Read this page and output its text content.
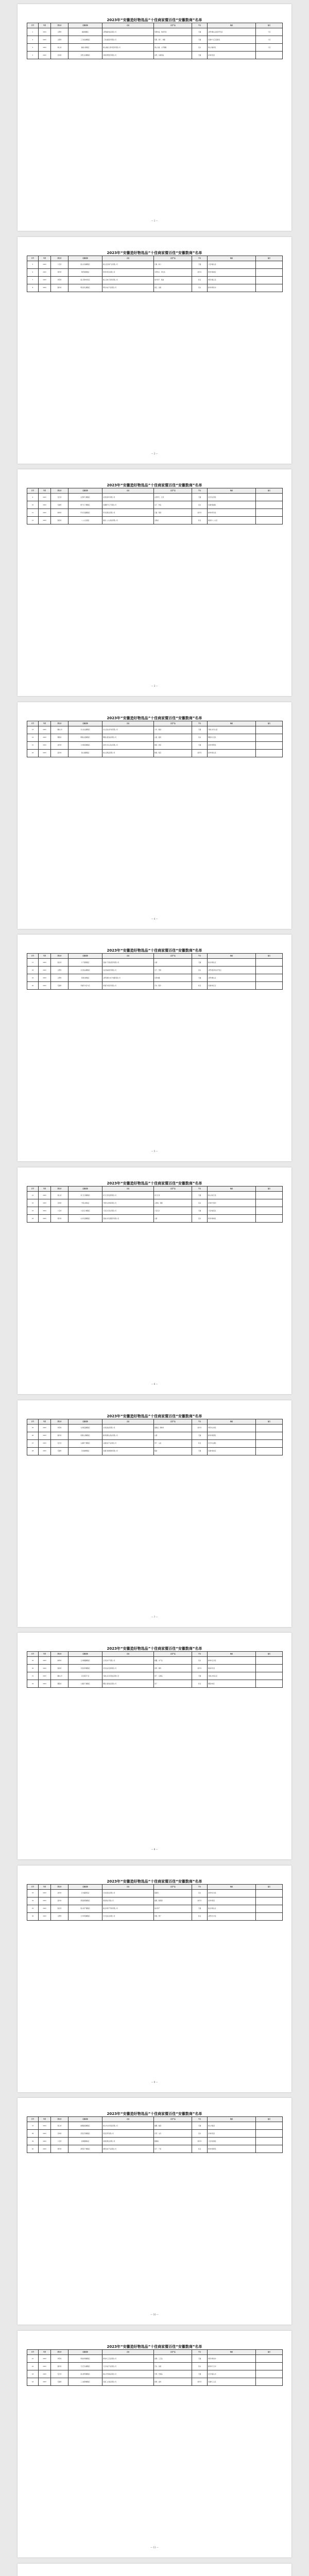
2023年“安徽造好物选品”十佳商家暨百佳“安徽数商”名单
序号	年份	所在市	店铺名称	企业	主营产品	平台	地址	备注
1	2023	合肥市	徽韵旗舰店	合肥徽韵食品有限公司	坚果炒货、休闲零食	天猫	合肥市蜀山区经济开发区	十佳
2	2023	合肥市	三只松鼠旗舰店	三只松鼠股份有限公司	坚果、果干、肉脯	天猫	芜湖市弋江区高新区	十佳
3	2023	黄山市	谢裕大旗舰店	黄山谢裕大茶叶股份有限公司	黄山毛峰、太平猴魁	京东	黄山市徽州区	十佳
4	2023	宣城市	宣纸文房旗舰店	中国宣纸股份有限公司	宣纸、书画用品	天猫	宣城市泾县	
— 1 —
2023年“安徽造好物选品”十佳商家暨百佳“安徽数商”名单
序号	年份	所在市	店铺名称	企业	主营产品	平台	地址	备注
5	2023	六安市	霍山石斛旗舰店	霍山县石斛产业有限公司	石斛、枫斗	天猫	六安市霍山县	
6	2023	亳州市	亳药堂旗舰店	亳州市药业有限公司	中药饮片、养生茶	拼多多	亳州市谯城区	
7	2023	阜阳市	颍上管仲老街店	颍上县电子商务有限公司	地方特产、粮油	抖音	阜阳市颍上县	
8	2023	滁州市	明光绿豆旗舰店	明光市农产品有限公司	绿豆、杂粮	京东	滁州市明光市	
— 2 —
2023年“安徽造好物选品”十佳商家暨百佳“安徽数商”名单
序号	年份	所在市	店铺名称	企业	主营产品	平台	地址	备注
9	2023	安庆市	岳西翠兰旗舰店	岳西县茶叶有限公司	岳西翠兰、红茶	天猫	安庆市岳西县	
10	2023	芜湖市	傻子瓜子旗舰店	芜湖傻子瓜子有限公司	瓜子、炒货	京东	芜湖市镜湖区	
11	2023	蚌埠市	怀远石榴旗舰店	怀远县果业有限公司	石榴、果酒	拼多多	蚌埠市怀远县	
12	2023	淮南市	八公山豆腐店	淮南八公山食品有限公司	豆制品	抖音	淮南市八公山区	
— 3 —
2023年“安徽造好物选品”十佳商家暨百佳“安徽数商”名单
序号	年份	所在市	店铺名称	企业	主营产品	平台	地址	备注
13	2023	马鞍山市	含山农品旗舰店	含山县农业科技有限公司	大米、粮油	天猫	马鞍山市含山县	
14	2023	铜陵市	铜陵白姜旗舰店	铜陵白姜食品有限公司	白姜、酱菜	京东	铜陵市义安区	
15	2023	池州市	九华佛茶旗舰店	池州九华山茶业有限公司	佛茶、绿茶	天猫	池州市青阳县	
16	2023	宿州市	砀山梨旗舰店	砀山县果品有限公司	酥梨、梨膏	拼多多	宿州市砀山县	
— 4 —
2023年“安徽造好物选品”十佳商家暨百佳“安徽数商”名单
序号	年份	所在市	店铺名称	企业	主营产品	平台	地址	备注
17	2023	淮北市	口子窖旗舰店	安徽口子酒业股份有限公司	白酒	天猫	淮北市相山区	
18	2023	合肥市	洽洽食品旗舰店	洽洽食品股份有限公司	瓜子、坚果	京东	合肥市经济技术开发区	
19	2023	合肥市	荣事达旗舰店	合肥荣事达电子电器有限公司	家用电器	天猫	合肥市蜀山区	
20	2023	芜湖市	奇瑞汽车官方店	奇瑞汽车股份有限公司	汽车、配件	抖音	芜湖市鸠江区	
— 5 —
2023年“安徽造好物选品”十佳商家暨百佳“安徽数商”名单
序号	年份	所在市	店铺名称	企业	主营产品	平台	地址	备注
21	2023	黄山市	祁门红茶旗舰店	祁门红茶发展有限公司	祁门红茶	天猫	黄山市祁门县	
22	2023	宣城市	宁国山核桃店	宁国市山核桃有限公司	山核桃、香榧	京东	宣城市宁国市	
23	2023	六安市	六安瓜片旗舰店	六安瓜片茶业有限公司	六安瓜片	天猫	六安市裕安区	
24	2023	亳州市	古井贡酒旗舰店	安徽古井贡酒股份有限公司	白酒	京东	亳州市谯城区	
— 6 —
2023年“安徽造好物选品”十佳商家暨百佳“安徽数商”名单
序号	年份	所在市	店铺名称	企业	主营产品	平台	地址	备注
25	2023	阜阳市	太和板面旗舰店	太和县食品有限公司	面制品、调味料	拼多多	阜阳市太和县	
26	2023	滁州市	琅琊山酒旗舰店	滁州琅琊山酒业有限公司	白酒	天猫	滁州市琅琊区	
27	2023	安庆市	太湖笋干旗舰店	太湖县农产品有限公司	笋干、山货	抖音	安庆市太湖县	
28	2023	芜湖市	红杨树旗舰店	芜湖红杨树服饰有限公司	服装	天猫	芜湖市湾沚区	
— 7 —
2023年“安徽造好物选品”十佳商家暨百佳“安徽数商”名单
序号	年份	所在市	店铺名称	企业	主营产品	平台	地址	备注
29	2023	蚌埠市	五河螃蟹旗舰店	五河县水产有限公司	螃蟹、水产品	京东	蚌埠市五河县	
30	2023	淮南市	寿县香草旗舰店	寿县农业发展有限公司	香草、调料	拼多多	淮南市寿县	
31	2023	马鞍山市	采石矶茶干店	马鞍山采石矶食品有限公司	茶干、豆制品	天猫	马鞍山市雨山区	
32	2023	铜陵市	大通茶干旗舰店	铜陵大通食品有限公司	茶干	抖音	铜陵市郊区	
— 8 —
2023年“安徽造好物选品”十佳商家暨百佳“安徽数商”名单
序号	年份	所在市	店铺名称	企业	主营产品	平台	地址	备注
33	2023	池州市	石台富硒茶店	石台县茶业有限公司	富硒茶	京东	池州市石台县	
34	2023	宿州市	萧县葡萄旗舰店	萧县果业有限公司	葡萄、葡萄酒	拼多多	宿州市萧县	
35	2023	淮北市	相山特产旗舰店	淮北市特产贸易有限公司	地方特产	天猫	淮北市相山区	
36	2023	合肥市	长丰草莓旗舰店	长丰县农业有限公司	草莓、果干	抖音	合肥市长丰县	
— 9 —
2023年“安徽造好物选品”十佳商家暨百佳“安徽数商”名单
序号	年份	所在市	店铺名称	企业	主营产品	平台	地址	备注
37	2023	黄山市	徽墨歙砚旗舰店	黄山市文房用品有限公司	徽墨、歙砚	天猫	黄山市歙县	
38	2023	宣城市	泾县宣笔旗舰店	泾县宣笔有限公司	宣笔、文房	京东	宣城市泾县	
39	2023	六安市	金寨猕猴桃店	金寨县果业有限公司	猕猴桃	拼多多	六安市金寨县	
40	2023	亳州市	涡阳苔干旗舰店	涡阳县农产品有限公司	苔干、干菜	抖音	亳州市涡阳县	
— 10 —
2023年“安徽造好物选品”十佳商家暨百佳“安徽数商”名单
序号	年份	所在市	店铺名称	企业	主营产品	平台	地址	备注
41	2023	阜阳市	界首彩陶旗舰店	界首市工艺品有限公司	彩陶、工艺品	天猫	阜阳市界首市	
42	2023	滁州市	天长芡实旗舰店	天长市农产品有限公司	芡实、杂粮	京东	滁州市天长市	
43	2023	安庆市	潜山舒席旗舰店	潜山市竹制品有限公司	竹席、竹制品	天猫	安庆市潜山市	
44	2023	芜湖市	三山板鸭旗舰店	芜湖三山食品有限公司	板鸭、卤味	拼多多	芜湖市三山区	
— 11 —
